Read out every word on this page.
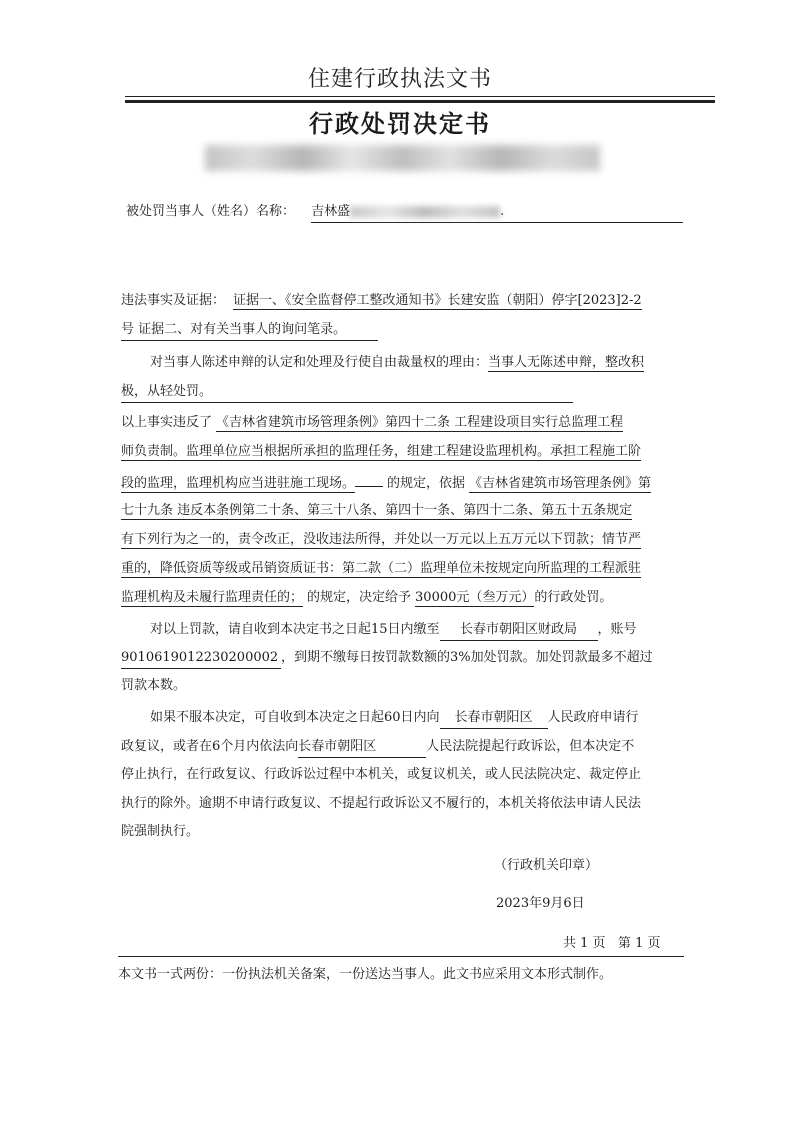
住建行政执法文书
行政处罚决定书
被处罚当事人（姓名）名称： 吉林盛	.
违法事实及证据： 证据一、《安全监督停工整改通知书》长建安监（朝阳）停字[2023]2-2
号 证据二、对有关当事人的询问笔录。
对当事人陈述申辩的认定和处理及行使自由裁量权的理由：当事人无陈述申辩，整改积
极，从轻处罚。
以上事实违反了 《吉林省建筑市场管理条例》第四十二条 工程建设项目实行总监理工程
师负责制。监理单位应当根据所承担的监理任务，组建工程建设监理机构。承担工程施工阶
段的监理，监理机构应当进驻施工现场。 的规定，依据 《吉林省建筑市场管理条例》第
七十九条 违反本条例第二十条、第三十八条、第四十一条、第四十二条、第五十五条规定
有下列行为之一的，责令改正，没收违法所得，并处以一万元以上五万元以下罚款；情节严
重的，降低资质等级或吊销资质证书：第二款（二）监理单位未按规定向所监理的工程派驻
监理机构及未履行监理责任的； 的规定，决定给予 30000元（叁万元）的行政处罚。
对以上罚款，请自收到本决定书之日起15日内缴至 长春市朝阳区财政局 ，账号
9010619012230200002 ，到期不缴每日按罚款数额的3%加处罚款。加处罚款最多不超过
罚款本数。
如果不服本决定，可自收到本决定之日起60日内向 长春市朝阳区 人民政府申请行
政复议，或者在6个月内依法向长春市朝阳区	人民法院提起行政诉讼，但本决定不
停止执行，在行政复议、行政诉讼过程中本机关，或复议机关，或人民法院决定、裁定停止
执行的除外。逾期不申请行政复议、不提起行政诉讼又不履行的，本机关将依法申请人民法
院强制执行。
（行政机关印章）
2023年9月6日
共 1 页   第 1 页
本文书一式两份：一份执法机关备案，一份送达当事人。此文书应采用文本形式制作。
